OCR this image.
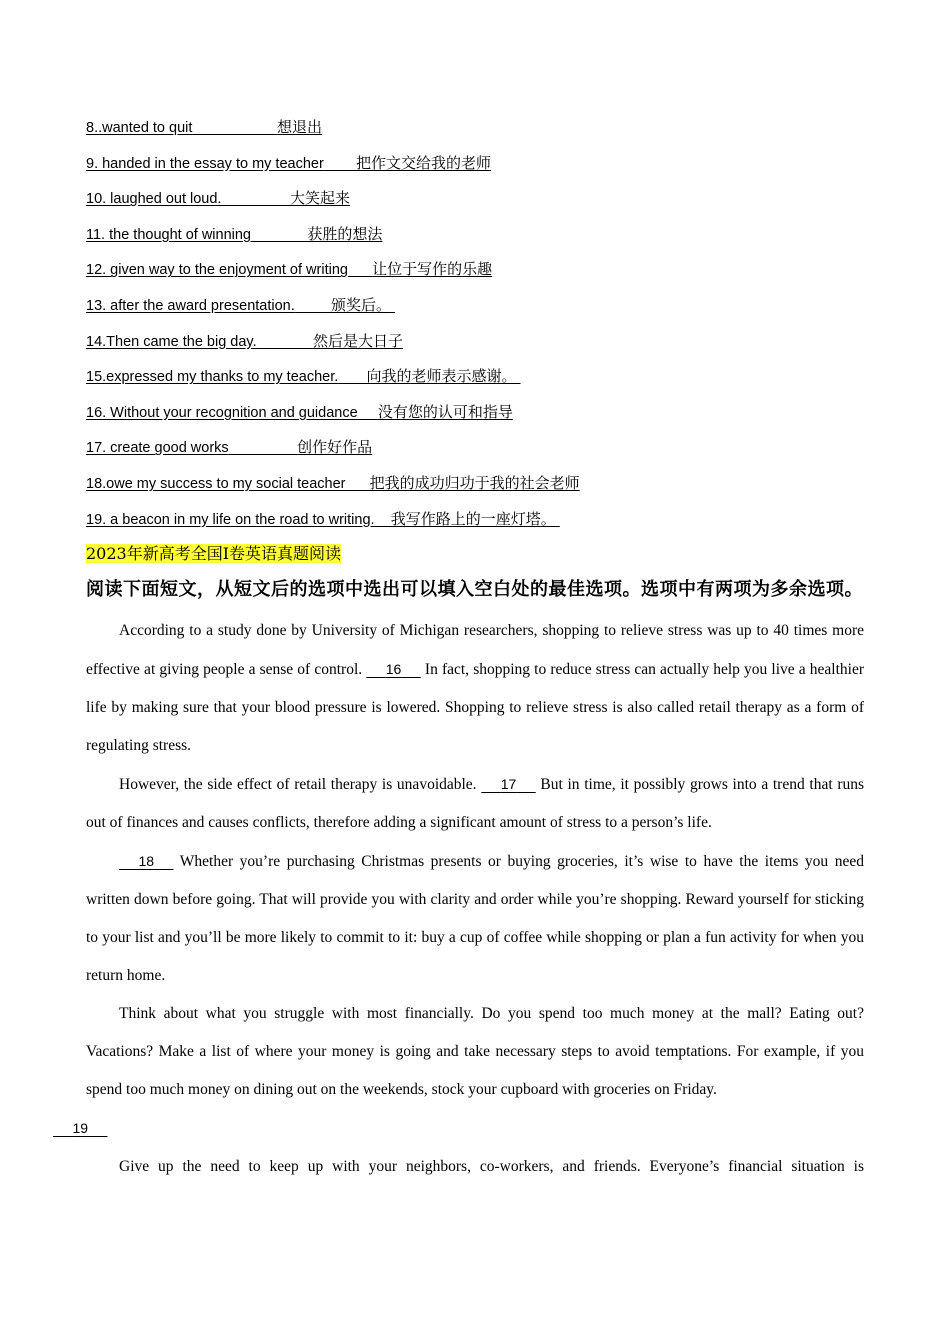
8..wanted to quit	想退出
9. handed in the essay to my teacher 把作文交给我的老师
10. laughed out loud.	大笑起来
11. the thought of winning	获胜的想法
12. given way to the enjoyment of writing 让位于写作的乐趣
13. after the award presentation. 颁奖后。
14.Then came the big day.	然后是大日子
15.expressed my thanks to my teacher. 向我的老师表示感谢。
16. Without your recognition and guidance 没有您的认可和指导
17. create good works	创作好作品
18.owe my success to my social teacher 把我的成功归功于我的社会老师
19. a beacon in my life on the road to writing. 我写作路上的一座灯塔。
2023年新高考全国Ⅰ卷英语真题阅读
阅读下面短文，从短文后的选项中选出可以填入空白处的最佳选项。选项中有两项为多余选项。

According to a study done by University of Michigan researchers, shopping to relieve stress was up to 40 times more effective at giving people a sense of control. 16 In fact, shopping to reduce stress can actually help you live a healthier life by making sure that your blood pressure is lowered. Shopping to relieve stress is also called retail therapy as a form of regulating stress.

However, the side effect of retail therapy is unavoidable. 17 But in time, it possibly grows into a trend that runs out of finances and causes conflicts, therefore adding a significant amount of stress to a person’s life.

18 Whether you’re purchasing Christmas presents or buying groceries, it’s wise to have the items you need written down before going. That will provide you with clarity and order while you’re shopping. Reward yourself for sticking to your list and you’ll be more likely to commit to it: buy a cup of coffee while shopping or plan a fun activity for when you return home.

Think about what you struggle with most financially. Do you spend too much money at the mall? Eating out? Vacations? Make a list of where your money is going and take necessary steps to avoid temptations. For example, if you spend too much money on dining out on the weekends, stock your cupboard with groceries on Friday.
19

Give up the need to keep up with your neighbors, co-workers, and friends. Everyone’s financial situation is
